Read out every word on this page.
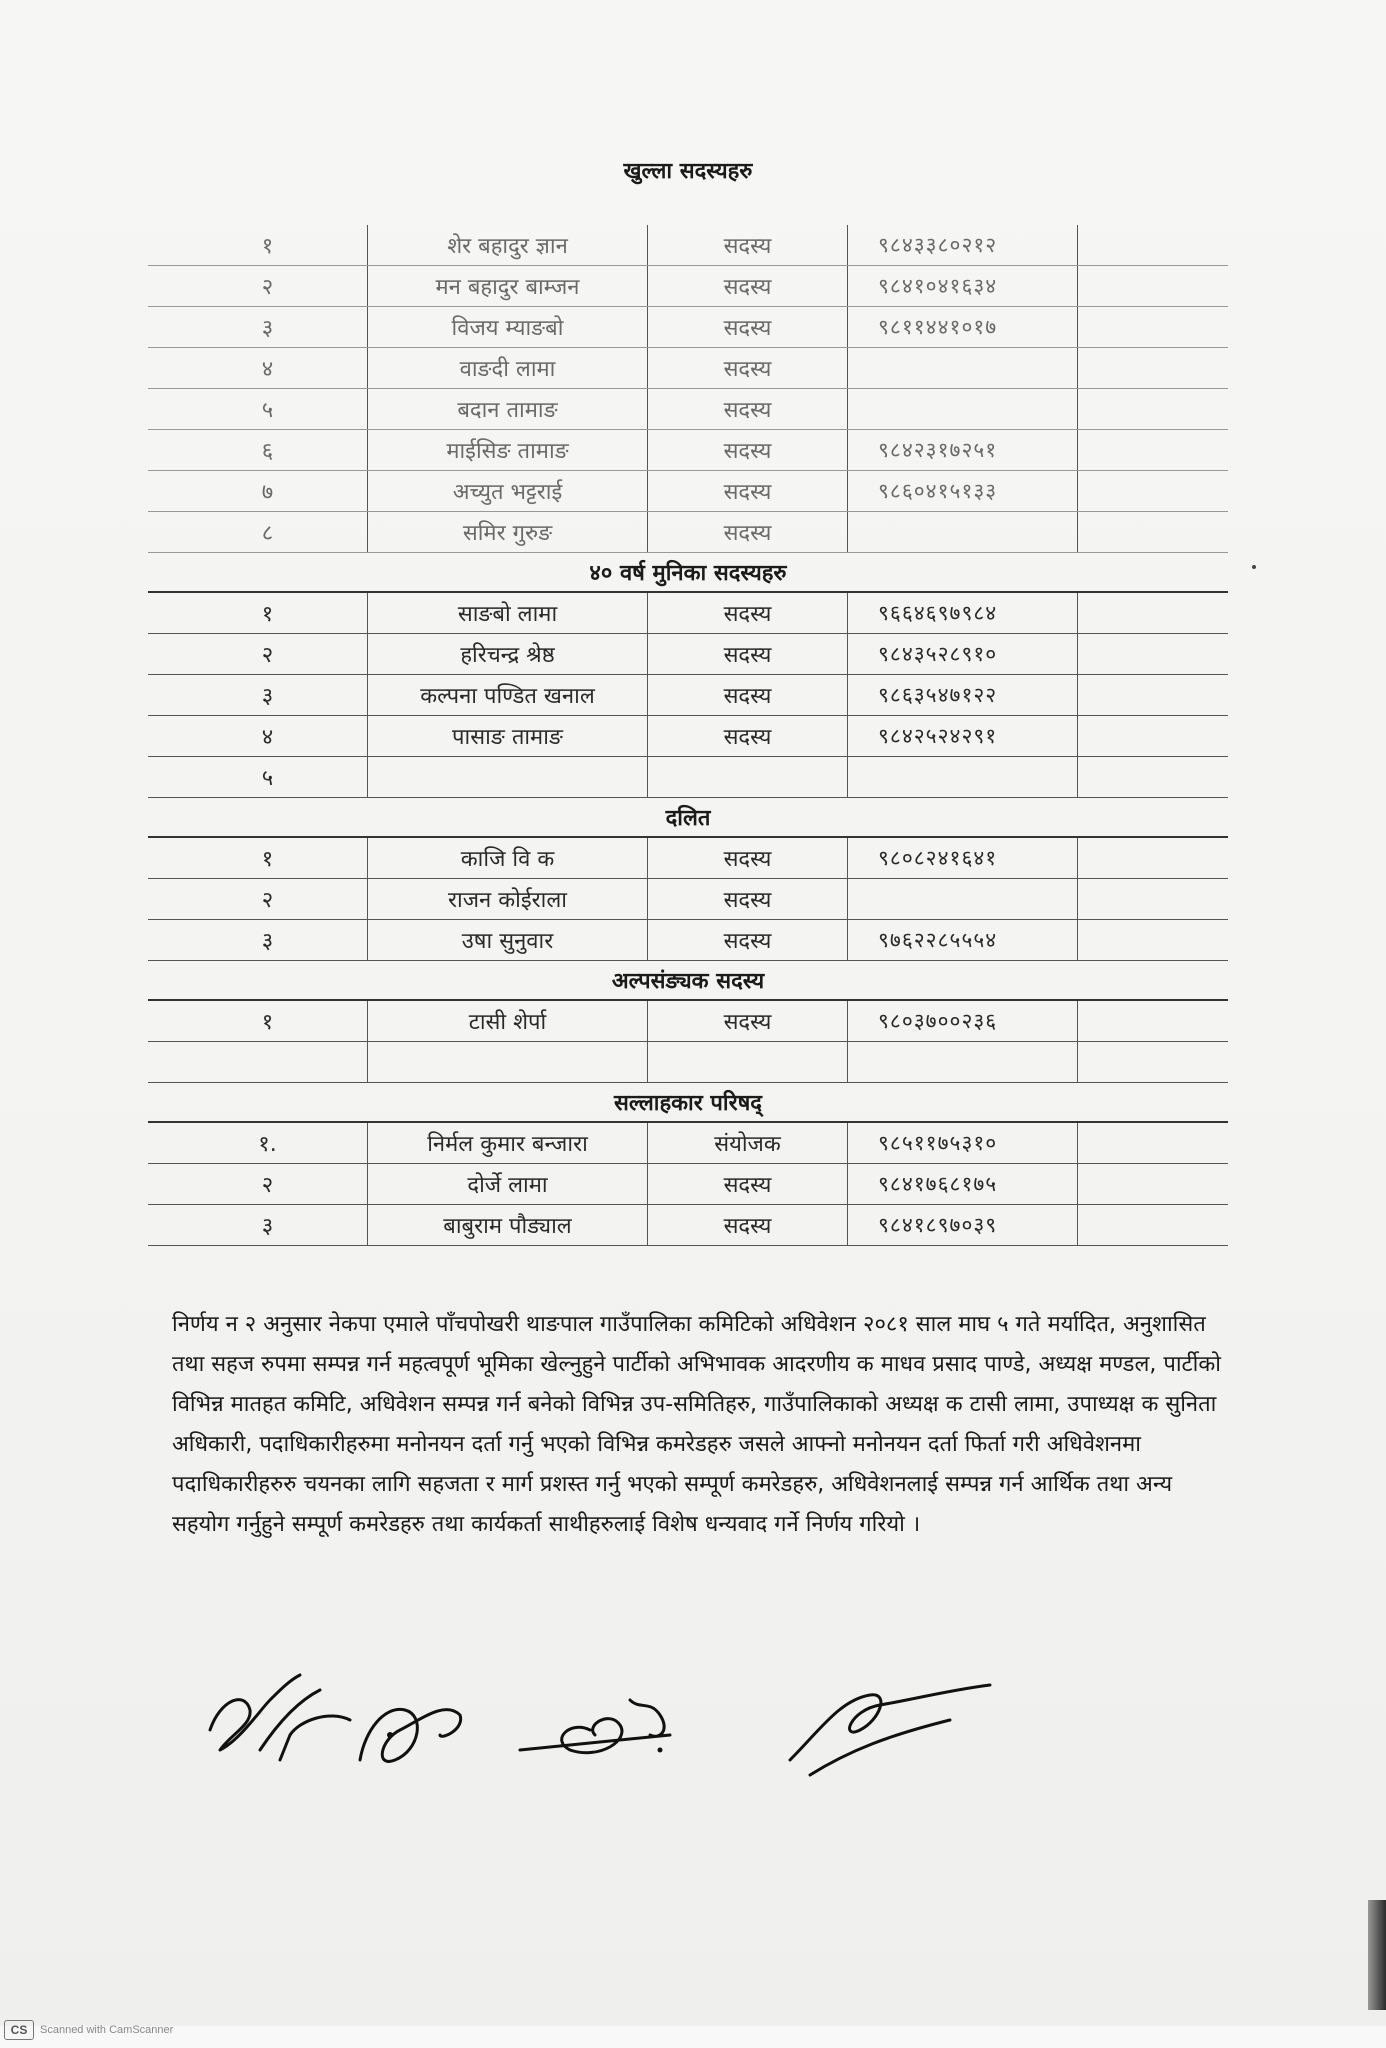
खुल्ला सदस्यहरु
१	शेर बहादुर ज्ञान	सदस्य	९८४३३८०२१२
२	मन बहादुर बाम्जन	सदस्य	९८४१०४१६३४
३	विजय म्याङबो	सदस्य	९८११४४१०१७
४	वाङदी लामा	सदस्य
५	बदान तामाङ	सदस्य
६	माईसिङ तामाङ	सदस्य	९८४२३१७२५१
७	अच्युत भट्टराई	सदस्य	९८६०४१५१३३
८	समिर गुरुङ	सदस्य
४० वर्ष मुनिका सदस्यहरु
१	साङबो लामा	सदस्य	९६६४६९७९८४
२	हरिचन्द्र श्रेष्ठ	सदस्य	९८४३५२८९१०
३	कल्पना पण्डित खनाल	सदस्य	९८६३५४७१२२
४	पासाङ तामाङ	सदस्य	९८४२५२४२९१
५
दलित
१	काजि वि क	सदस्य	९८०८२४१६४१
२	राजन कोईराला	सदस्य
३	उषा सुनुवार	सदस्य	९७६२२८५५५४
अल्पसंङ्यक सदस्य
१	टासी शेर्पा	सदस्य	९८०३७००२३६
सल्लाहकार परिषद्
१.	निर्मल कुमार बन्जारा	संयोजक	९८५११७५३१०
२	दोर्जे लामा	सदस्य	९८४१७६८१७५
३	बाबुराम पौड्याल	सदस्य	९८४१८९७०३९
निर्णय न २ अनुसार नेकपा एमाले पाँचपोखरी थाङपाल गाउँपालिका कमिटिको अधिवेशन २०८१ साल माघ ५ गते मर्यादित, अनुशासित तथा सहज रुपमा सम्पन्न गर्न महत्वपूर्ण भूमिका खेल्नुहुने पार्टीको अभिभावक आदरणीय क माधव प्रसाद पाण्डे, अध्यक्ष मण्डल, पार्टीको विभिन्न मातहत कमिटि, अधिवेशन सम्पन्न गर्न बनेको विभिन्न उप-समितिहरु, गाउँपालिकाको अध्यक्ष क टासी लामा, उपाध्यक्ष क सुनिता अधिकारी, पदाधिकारीहरुमा मनोनयन दर्ता गर्नु भएको विभिन्न कमरेडहरु जसले आफ्नो मनोनयन दर्ता फिर्ता गरी अधिवेशनमा पदाधिकारीहरुरु चयनका लागि सहजता र मार्ग प्रशस्त गर्नु भएको सम्पूर्ण कमरेडहरु, अधिवेशनलाई सम्पन्न गर्न आर्थिक तथा अन्य सहयोग गर्नुहुने सम्पूर्ण कमरेडहरु तथा कार्यकर्ता साथीहरुलाई विशेष धन्यवाद गर्ने निर्णय गरियो ।
CS	Scanned with CamScanner
